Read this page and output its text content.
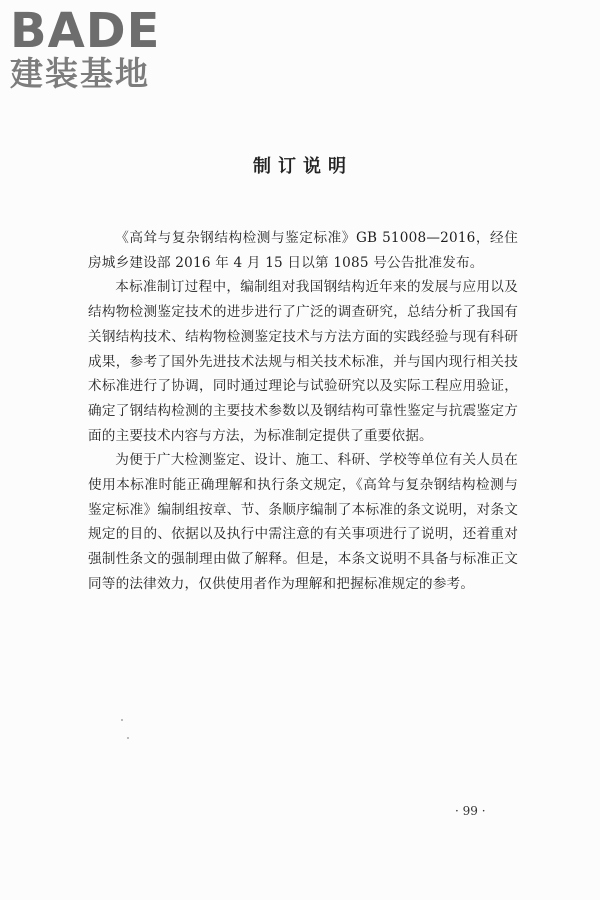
BADE
建装基地
制订说明

《高耸与复杂钢结构检测与鉴定标准》GB 51008—2016，经住房城乡建设部 2016 年 4 月 15 日以第 1085 号公告批准发布。

本标准制订过程中，编制组对我国钢结构近年来的发展与应用以及结构物检测鉴定技术的进步进行了广泛的调查研究，总结分析了我国有关钢结构技术、结构物检测鉴定技术与方法方面的实践经验与现有科研成果，参考了国外先进技术法规与相关技术标准，并与国内现行相关技术标准进行了协调，同时通过理论与试验研究以及实际工程应用验证，确定了钢结构检测的主要技术参数以及钢结构可靠性鉴定与抗震鉴定方面的主要技术内容与方法，为标准制定提供了重要依据。

为便于广大检测鉴定、设计、施工、科研、学校等单位有关人员在使用本标准时能正确理解和执行条文规定，《高耸与复杂钢结构检测与鉴定标准》编制组按章、节、条顺序编制了本标准的条文说明，对条文规定的目的、依据以及执行中需注意的有关事项进行了说明，还着重对强制性条文的强制理由做了解释。但是，本条文说明不具备与标准正文同等的法律效力，仅供使用者作为理解和把握标准规定的参考。

· 99 ·
